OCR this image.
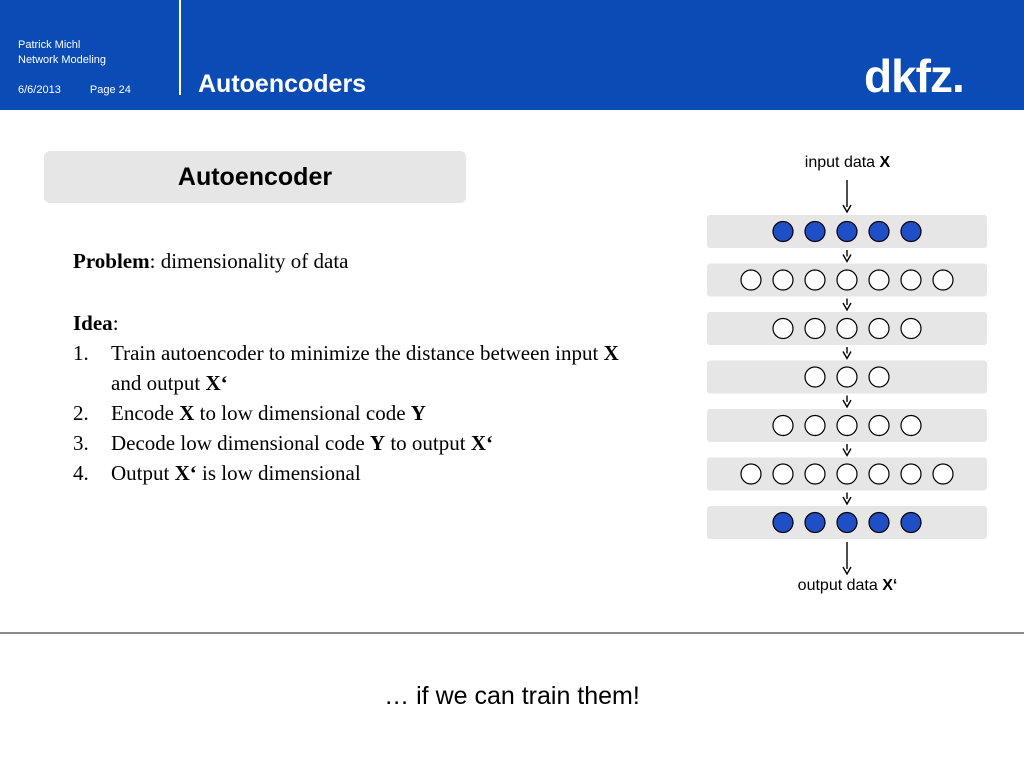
Patrick Michl
Network Modeling
6/6/2013	Page 24	Autoencoders	dkfz.
Autoencoder

Problem: dimensionality of data

Idea:

1. Train autoencoder to minimize the distance between input X and output X‘
2. Encode X to low dimensional code Y
3. Decode low dimensional code Y to output X‘
4. Output X‘ is low dimensional
input data X
output data X‘
… if we can train them!
